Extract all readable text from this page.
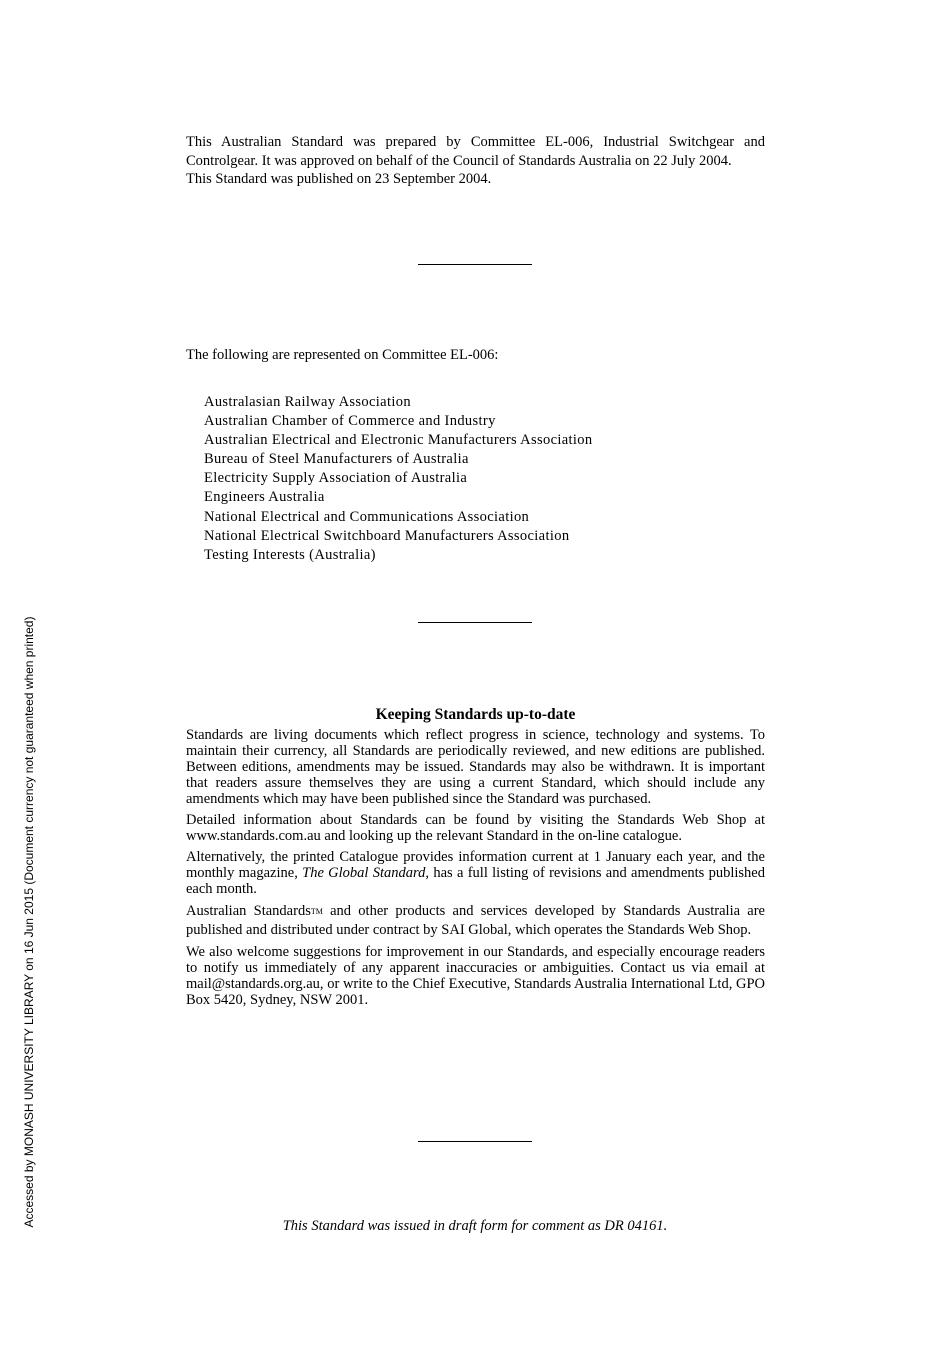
This Australian Standard was prepared by Committee EL-006, Industrial Switchgear and Controlgear. It was approved on behalf of the Council of Standards Australia on 22 July 2004.

This Standard was published on 23 September 2004.

The following are represented on Committee EL-006:
Australasian Railway Association
Australian Chamber of Commerce and Industry
Australian Electrical and Electronic Manufacturers Association
Bureau of Steel Manufacturers of Australia
Electricity Supply Association of Australia
Engineers Australia
National Electrical and Communications Association
National Electrical Switchboard Manufacturers Association
Testing Interests (Australia)
Keeping Standards up-to-date

Standards are living documents which reflect progress in science, technology and systems. To maintain their currency, all Standards are periodically reviewed, and new editions are published. Between editions, amendments may be issued. Standards may also be withdrawn. It is important that readers assure themselves they are using a current Standard, which should include any amendments which may have been published since the Standard was purchased.

Detailed information about Standards can be found by visiting the Standards Web Shop at www.standards.com.au and looking up the relevant Standard in the on-line catalogue.

Alternatively, the printed Catalogue provides information current at 1 January each year, and the monthly magazine, The Global Standard, has a full listing of revisions and amendments published each month.

Australian Standards™ and other products and services developed by Standards Australia are published and distributed under contract by SAI Global, which operates the Standards Web Shop.

We also welcome suggestions for improvement in our Standards, and especially encourage readers to notify us immediately of any apparent inaccuracies or ambiguities. Contact us via email at mail@standards.org.au, or write to the Chief Executive, Standards Australia International Ltd, GPO Box 5420, Sydney, NSW 2001.

This Standard was issued in draft form for comment as DR 04161.
Accessed by MONASH UNIVERSITY LIBRARY on 16 Jun 2015 (Document currency not guaranteed when printed)
